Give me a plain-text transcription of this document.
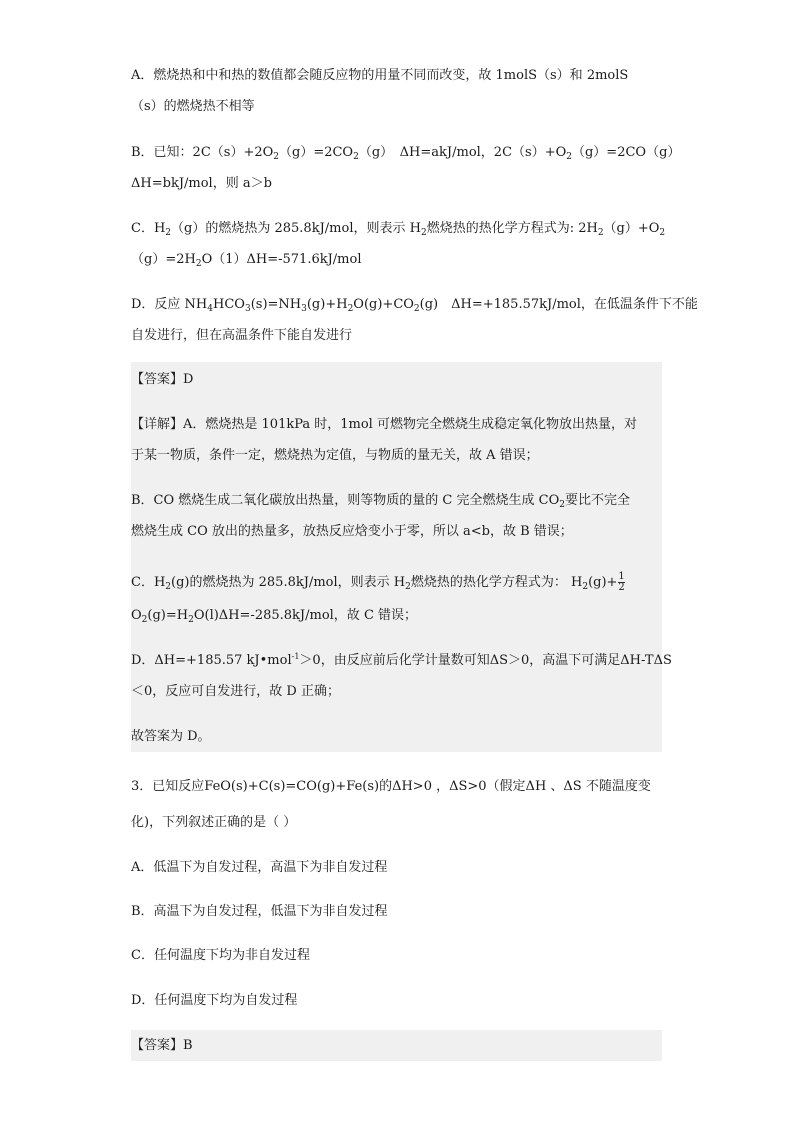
A．燃烧热和中和热的数值都会随反应物的用量不同而改变，故 1molS（s）和 2molS
（s）的燃烧热不相等
B．已知：$2C(s)+2O_2(g)=2CO_2(g)$　ΔH=akJ/mol，$2C(s)+O_2(g)=2CO(g)$
ΔH=bkJ/mol，则 a＞b
C．$H_2(g)$的燃烧热为 285.8kJ/mol，则表示 $H_2$燃烧热的热化学方程式为: $2H_2(g)+O_2$
$(g)=2H_2O(1)\Delta H=-571.6kJ$/mol
D．反应 $NH_4HCO_3(s)=NH_3(g)+H_2O(g)+CO_2(g)$　ΔH=+185.57kJ/mol，在低温条件下不能
自发进行，但在高温条件下能自发进行
【答案】D
【详解】A．燃烧热是 101kPa 时，1mol 可燃物完全燃烧生成稳定氧化物放出热量，对
于某一物质，条件一定，燃烧热为定值，与物质的量无关，故 A 错误；
B．CO 燃烧生成二氧化碳放出热量，则等物质的量的 C 完全燃烧生成 $CO_2$要比不完全
燃烧生成 CO 放出的热量多，放热反应焓变小于零，所以 a<b，故 B 错误；
C．$H_2(g)$的燃烧热为 285.8kJ/mol，则表示 $H_2$燃烧热的热化学方程式为： $H_2(g)+ \frac{1}{2}$
$O_2(g)=H_2O(l)\Delta H=-285.8kJ$/mol，故 C 错误；
D．ΔH=+185.57 kJ•mol$^{-1}$＞0，由反应前后化学计量数可知ΔS＞0，高温下可满足ΔH-TΔS
＜0，反应可自发进行，故 D 正确；
故答案为 D。
3．已知反应FeO(s)+C(s)=CO(g)+Fe(s)的ΔH>0 ，ΔS>0（假定ΔH 、ΔS 不随温度变
化)，下列叙述正确的是（ ）
A．低温下为自发过程，高温下为非自发过程
B．高温下为自发过程，低温下为非自发过程
C．任何温度下均为非自发过程
D．任何温度下均为自发过程
【答案】B
